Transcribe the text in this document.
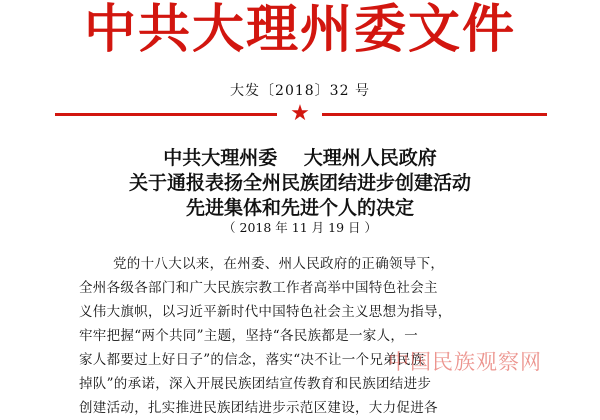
中共大理州委文件
大发〔2018〕32 号
★
中共大理州委    大理州人民政府
关于通报表扬全州民族团结进步创建活动
先进集体和先进个人的决定
（ 2018 年 11 月 19 日 ）
党的十八大以来，在州委、州人民政府的正确领导下，
全州各级各部门和广大民族宗教工作者高举中国特色社会主
义伟大旗帜，以习近平新时代中国特色社会主义思想为指导，
牢牢把握“两个共同”主题，坚持“各民族都是一家人，一
家人都要过上好日子”的信念，落实“决不让一个兄弟民族
掉队”的承诺，深入开展民族团结宣传教育和民族团结进步
创建活动，扎实推进民族团结进步示范区建设，大力促进各
中国民族观察网
